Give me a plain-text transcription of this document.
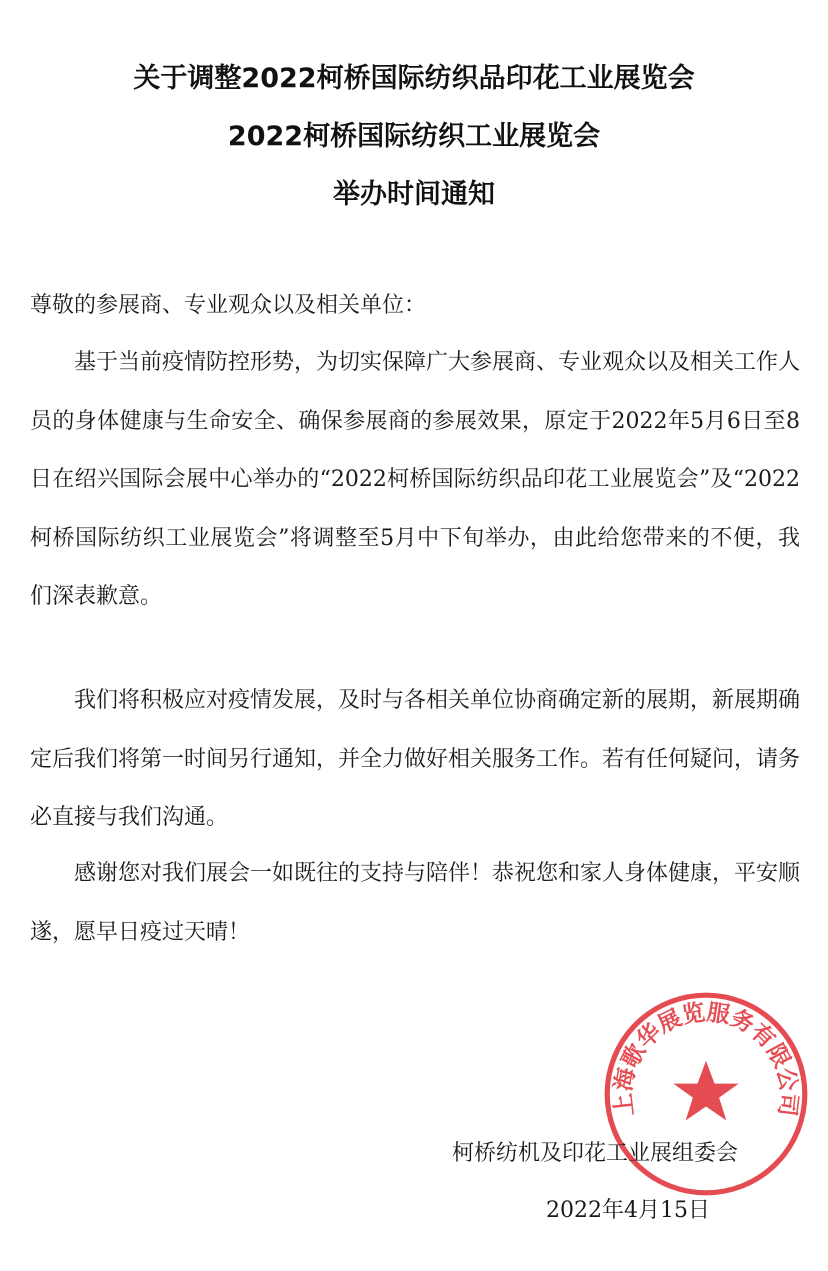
关于调整2022柯桥国际纺织品印花工业展览会
2022柯桥国际纺织工业展览会
举办时间通知

尊敬的参展商、专业观众以及相关单位：

基于当前疫情防控形势，为切实保障广大参展商、专业观众以及相关工作人员的身体健康与生命安全、确保参展商的参展效果，原定于2022年5月6日至8日在绍兴国际会展中心举办的“2022柯桥国际纺织品印花工业展览会”及“2022柯桥国际纺织工业展览会”将调整至5月中下旬举办，由此给您带来的不便，我们深表歉意。

我们将积极应对疫情发展，及时与各相关单位协商确定新的展期，新展期确定后我们将第一时间另行通知，并全力做好相关服务工作。若有任何疑问，请务必直接与我们沟通。

感谢您对我们展会一如既往的支持与陪伴！恭祝您和家人身体健康，平安顺遂，愿早日疫过天晴！

上海歌华展览服务有限公司

柯桥纺机及印花工业展组委会

2022年4月15日
